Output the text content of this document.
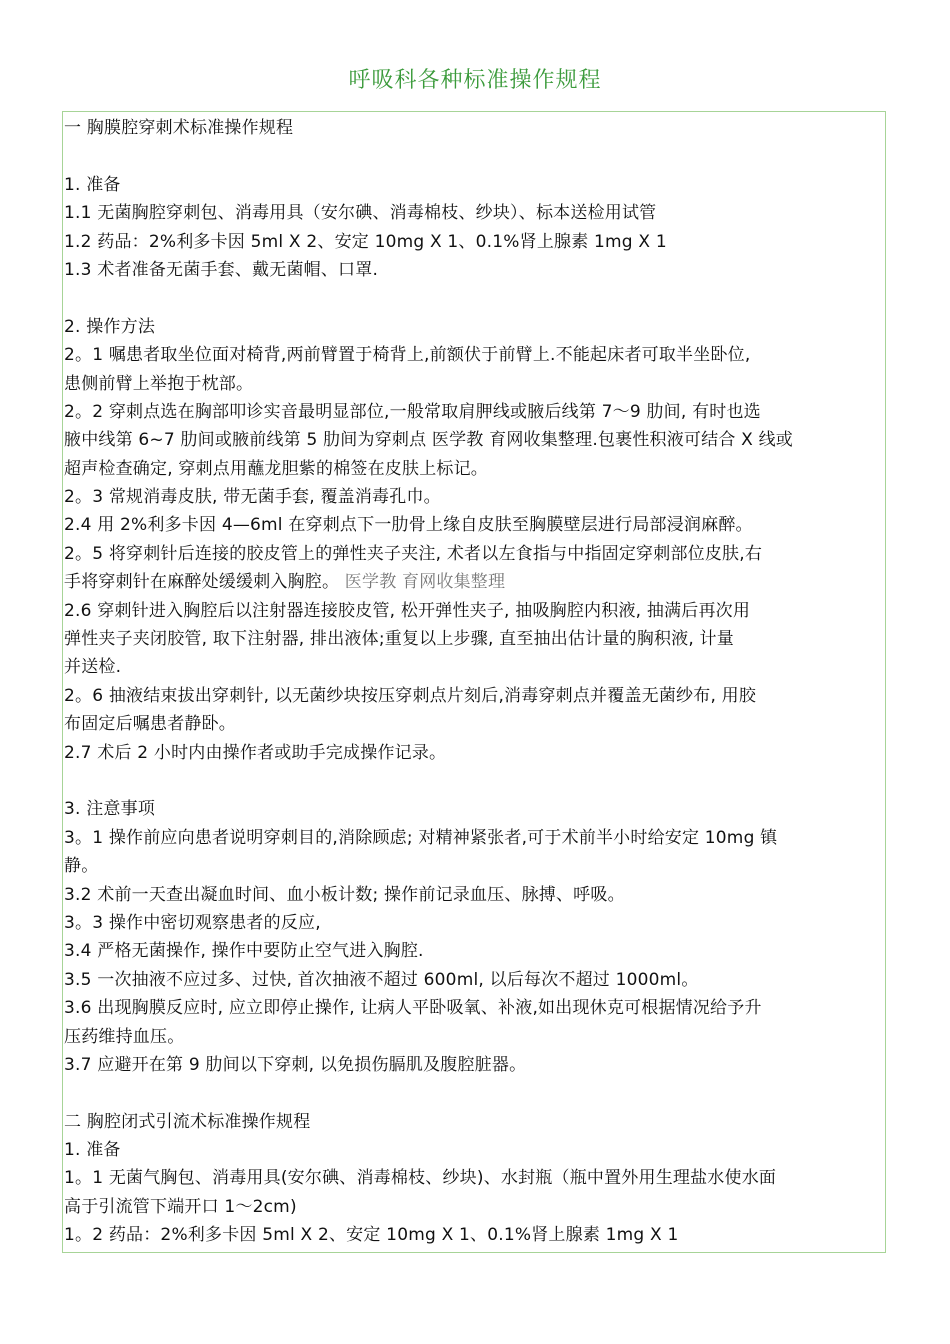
呼吸科各种标准操作规程
一 胸膜腔穿刺术标准操作规程
1. 准备
1.1 无菌胸腔穿刺包、消毒用具（安尔碘、消毒棉枝、纱块）、标本送检用试管
1.2 药品：2%利多卡因 5ml X 2、安定 10mg X 1、0.1%肾上腺素 1mg X 1
1.3 术者准备无菌手套、戴无菌帽、口罩.
2. 操作方法
2。1 嘱患者取坐位面对椅背,两前臂置于椅背上,前额伏于前臂上.不能起床者可取半坐卧位,
患侧前臂上举抱于枕部。
2。2 穿刺点选在胸部叩诊实音最明显部位,一般常取肩胛线或腋后线第 7～9 肋间, 有时也选
腋中线第 6~7 肋间或腋前线第 5 肋间为穿刺点 医学教 育网收集整理.包裹性积液可结合 X 线或
超声检查确定, 穿刺点用蘸龙胆紫的棉签在皮肤上标记。
2。3 常规消毒皮肤, 带无菌手套, 覆盖消毒孔巾。
2.4 用 2%利多卡因 4—6ml 在穿刺点下一肋骨上缘自皮肤至胸膜壁层进行局部浸润麻醉。
2。5 将穿刺针后连接的胶皮管上的弹性夹子夹注, 术者以左食指与中指固定穿刺部位皮肤,右
手将穿刺针在麻醉处缓缓刺入胸腔。 医学教 育网收集整理
2.6 穿刺针进入胸腔后以注射器连接胶皮管, 松开弹性夹子, 抽吸胸腔内积液, 抽满后再次用
弹性夹子夹闭胶管, 取下注射器, 排出液体;重复以上步骤, 直至抽出估计量的胸积液, 计量
并送检.
2。6 抽液结束拔出穿刺针, 以无菌纱块按压穿刺点片刻后,消毒穿刺点并覆盖无菌纱布, 用胶
布固定后嘱患者静卧。
2.7 术后 2 小时内由操作者或助手完成操作记录。
3. 注意事项
3。1 操作前应向患者说明穿刺目的,消除顾虑; 对精神紧张者,可于术前半小时给安定 10mg 镇
静。
3.2 术前一天查出凝血时间、血小板计数; 操作前记录血压、脉搏、呼吸。
3。3 操作中密切观察患者的反应,
3.4 严格无菌操作, 操作中要防止空气进入胸腔.
3.5 一次抽液不应过多、过快, 首次抽液不超过 600ml, 以后每次不超过 1000ml。
3.6 出现胸膜反应时, 应立即停止操作, 让病人平卧吸氧、补液,如出现休克可根据情况给予升
压药维持血压。
3.7 应避开在第 9 肋间以下穿刺, 以免损伤膈肌及腹腔脏器。
二 胸腔闭式引流术标准操作规程
1. 准备
1。1 无菌气胸包、消毒用具(安尔碘、消毒棉枝、纱块)、水封瓶（瓶中置外用生理盐水使水面
高于引流管下端开口 1～2cm)
1。2 药品：2%利多卡因 5ml X 2、安定 10mg X 1、0.1%肾上腺素 1mg X 1
